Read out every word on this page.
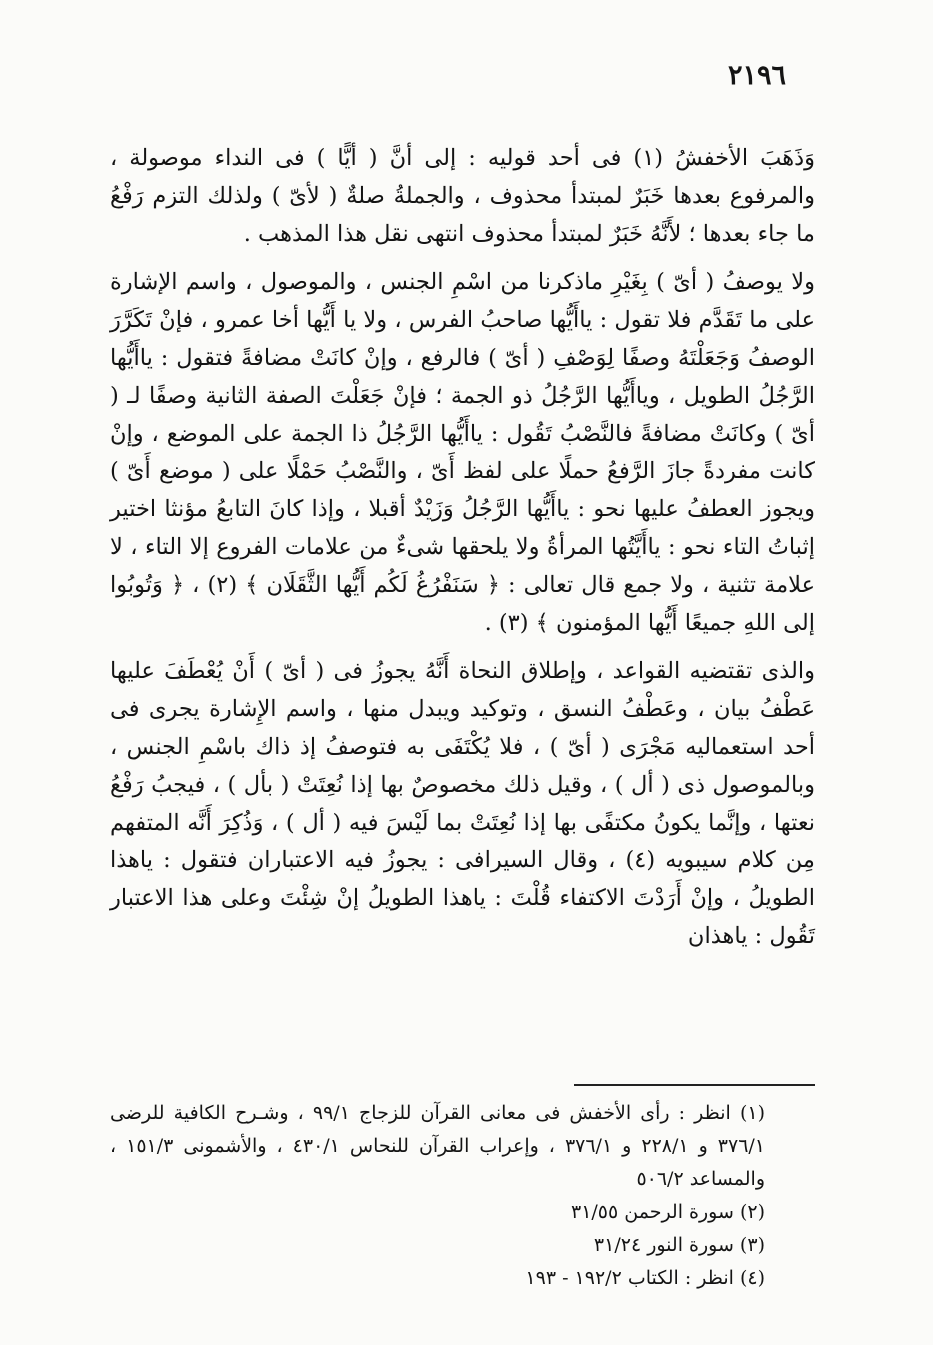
٢١٩٦

وَذَهَبَ الأخفشُ (١) فى أحد قوليه : إلى أنَّ ( أيًّا ) فى النداء موصولة ، والمرفوع بعدها خَبَرٌ لمبتدأ محذوف ، والجملةُ صلةٌ ( لأىّ ) ولذلك التزم رَفْعُ ما جاء بعدها ؛ لأَنَّهُ خَبَرٌ لمبتدأ محذوف انتهى نقل هذا المذهب .

ولا يوصفُ ( أىّ ) بِغَيْرِ ماذكرنا من اسْمِ الجنس ، والموصول ، واسم الإشارة على ما تَقَدَّم فلا تقول : ياأَيُّها صاحبُ الفرس ، ولا يا أَيُّها أخا عمرو ، فإنْ تَكَرَّرَ الوصفُ وَجَعَلْتَهُ وصفًا لِوَصْفِ ( أىّ ) فالرفع ، وإنْ كانَتْ مضافةً فتقول : ياأَيُّها الرَّجُلُ الطويل ، وياأَيُّها الرَّجُلُ ذو الجمة ؛ فإنْ جَعَلْتَ الصفة الثانية وصفًا لـ ( أىّ ) وكانَتْ مضافةً فالنَّصْبُ تَقُول : ياأَيُّها الرَّجُلُ ذا الجمة على الموضع ، وإنْ كانت مفردةً جازَ الرَّفعُ حملًا على لفظ أَىّ ، والنَّصْبُ حَمْلًا على ( موضع أَىّ ) ويجوز العطفُ عليها نحو : ياأَيُّها الرَّجُلُ وَزَيْدٌ أقبلا ، وإذا كانَ التابعُ مؤنثا اختير إثباتُ التاء نحو : ياأَيَّتُها المرأةُ ولا يلحقها شىءٌ من علامات الفروع إلا التاء ، لا علامة تثنية ، ولا جمع قال تعالى : ﴿ سَنَفْرُغُ لَكُم أَيُّها الثَّقَلَان ﴾ (٢) ، ﴿ وَتُوبُوا إلى اللهِ جميعًا أَيُّها المؤمنون ﴾ (٣) .

والذى تقتضيه القواعد ، وإطلاق النحاة أَنَّهُ يجوزُ فى ( أىّ ) أَنْ يُعْطَفَ عليها عَطْفُ بيان ، وعَطْفُ النسق ، وتوكيد ويبدل منها ، واسم الإِشارة يجرى فى أحد استعماليه مَجْرَى ( أىّ ) ، فلا يُكْتَفَى به فتوصفُ إذ ذاك باسْمِ الجنس ، وبالموصول ذى ( أل ) ، وقيل ذلك مخصوصٌ بها إذا نُعِتَتْ ( بأل ) ، فيجبُ رَفْعُ نعتها ، وإنَّما يكونُ مكتفًى بها إذا نُعِتَتْ بما لَيْسَ فيه ( أل ) ، وَذُكِرَ أَنَّه المتفهم مِن كلام سيبويه (٤) ، وقال السيرافى : يجوزُ فيه الاعتباران فتقول : ياهذا الطويلُ ، وإنْ أَرَدْتَ الاكتفاء قُلْتَ : ياهذا الطويلُ إنْ شِئْتَ وعلى هذا الاعتبار تَقُول : ياهذان

(١) انظر : رأى الأخفش فى معانى القرآن للزجاج ٩٩/١ ، وشـرح الكافية للرضى ٣٧٦/١ و ٢٢٨/١ و ٣٧٦/١ ، وإعراب القرآن للنحاس ٤٣٠/١ ، والأشمونى ١٥١/٣ ، والمساعد ٥٠٦/٢

(٢) سورة الرحمن ٣١/٥٥

(٣) سورة النور ٣١/٢٤

(٤) انظر : الكتاب ١٩٢/٢ - ١٩٣
